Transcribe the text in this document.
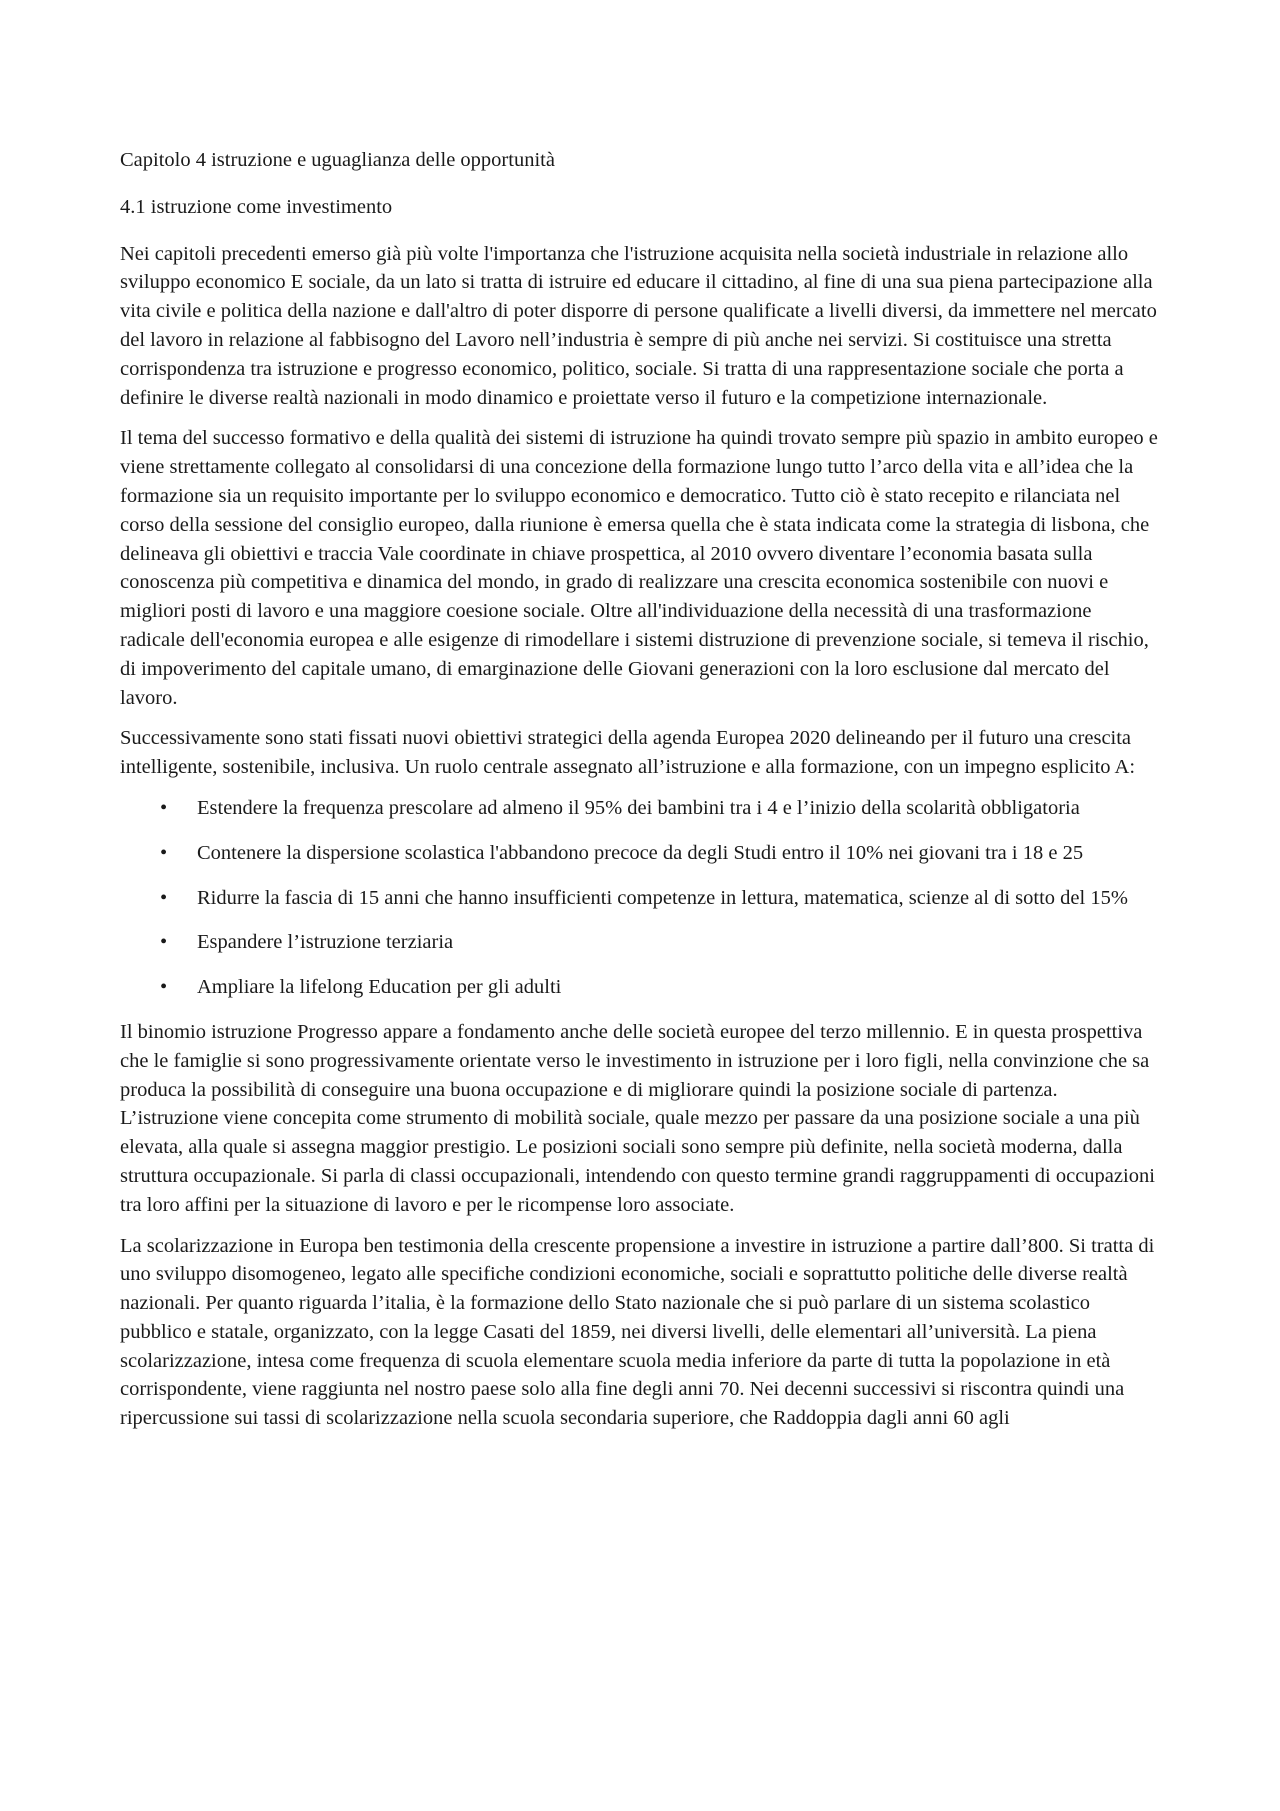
Capitolo 4 istruzione e uguaglianza delle opportunità

4.1 istruzione come investimento

Nei capitoli precedenti emerso già più volte l'importanza che l'istruzione acquisita nella società industriale in relazione allo sviluppo economico E sociale, da un lato si tratta di istruire ed educare il cittadino, al fine di una sua piena partecipazione alla vita civile e politica della nazione e dall'altro di poter disporre di persone qualificate a livelli diversi, da immettere nel mercato del lavoro in relazione al fabbisogno del Lavoro nell’industria è sempre di più anche nei servizi. Si costituisce una stretta corrispondenza tra istruzione e progresso economico, politico, sociale. Si tratta di una rappresentazione sociale che porta a definire le diverse realtà nazionali in modo dinamico e proiettate verso il futuro e la competizione internazionale.

Il tema del successo formativo e della qualità dei sistemi di istruzione ha quindi trovato sempre più spazio in ambito europeo e viene strettamente collegato al consolidarsi di una concezione della formazione lungo tutto l’arco della vita e all’idea che la formazione sia un requisito importante per lo sviluppo economico e democratico. Tutto ciò è stato recepito e rilanciata nel corso della sessione del consiglio europeo, dalla riunione è emersa quella che è stata indicata come la strategia di lisbona, che delineava gli obiettivi e traccia Vale coordinate in chiave prospettica, al 2010 ovvero diventare l’economia basata sulla conoscenza più competitiva e dinamica del mondo, in grado di realizzare una crescita economica sostenibile con nuovi e migliori posti di lavoro e una maggiore coesione sociale. Oltre all'individuazione della necessità di una trasformazione radicale dell'economia europea e alle esigenze di rimodellare i sistemi distruzione di prevenzione sociale, si temeva il rischio, di impoverimento del capitale umano, di emarginazione delle Giovani generazioni con la loro esclusione dal mercato del lavoro.

Successivamente sono stati fissati nuovi obiettivi strategici della agenda Europea 2020 delineando per il futuro una crescita intelligente, sostenibile, inclusiva. Un ruolo centrale assegnato all’istruzione e alla formazione, con un impegno esplicito A:

• Estendere la frequenza prescolare ad almeno il 95% dei bambini tra i 4 e l’inizio della scolarità obbligatoria
• Contenere la dispersione scolastica l'abbandono precoce da degli Studi entro il 10% nei giovani tra i 18 e 25
• Ridurre la fascia di 15 anni che hanno insufficienti competenze in lettura, matematica, scienze al di sotto del 15%
• Espandere l’istruzione terziaria
• Ampliare la lifelong Education per gli adulti

Il binomio istruzione Progresso appare a fondamento anche delle società europee del terzo millennio. E in questa prospettiva che le famiglie si sono progressivamente orientate verso le investimento in istruzione per i loro figli, nella convinzione che sa produca la possibilità di conseguire una buona occupazione e di migliorare quindi la posizione sociale di partenza. L’istruzione viene concepita come strumento di mobilità sociale, quale mezzo per passare da una posizione sociale a una più elevata, alla quale si assegna maggior prestigio. Le posizioni sociali sono sempre più definite, nella società moderna, dalla struttura occupazionale. Si parla di classi occupazionali, intendendo con questo termine grandi raggruppamenti di occupazioni tra loro affini per la situazione di lavoro e per le ricompense loro associate.

La scolarizzazione in Europa ben testimonia della crescente propensione a investire in istruzione a partire dall’800. Si tratta di uno sviluppo disomogeneo, legato alle specifiche condizioni economiche, sociali e soprattutto politiche delle diverse realtà nazionali. Per quanto riguarda l’italia, è la formazione dello Stato nazionale che si può parlare di un sistema scolastico pubblico e statale, organizzato, con la legge Casati del 1859, nei diversi livelli, delle elementari all’università. La piena scolarizzazione, intesa come frequenza di scuola elementare scuola media inferiore da parte di tutta la popolazione in età corrispondente, viene raggiunta nel nostro paese solo alla fine degli anni 70. Nei decenni successivi si riscontra quindi una ripercussione sui tassi di scolarizzazione nella scuola secondaria superiore, che Raddoppia dagli anni 60 agli
